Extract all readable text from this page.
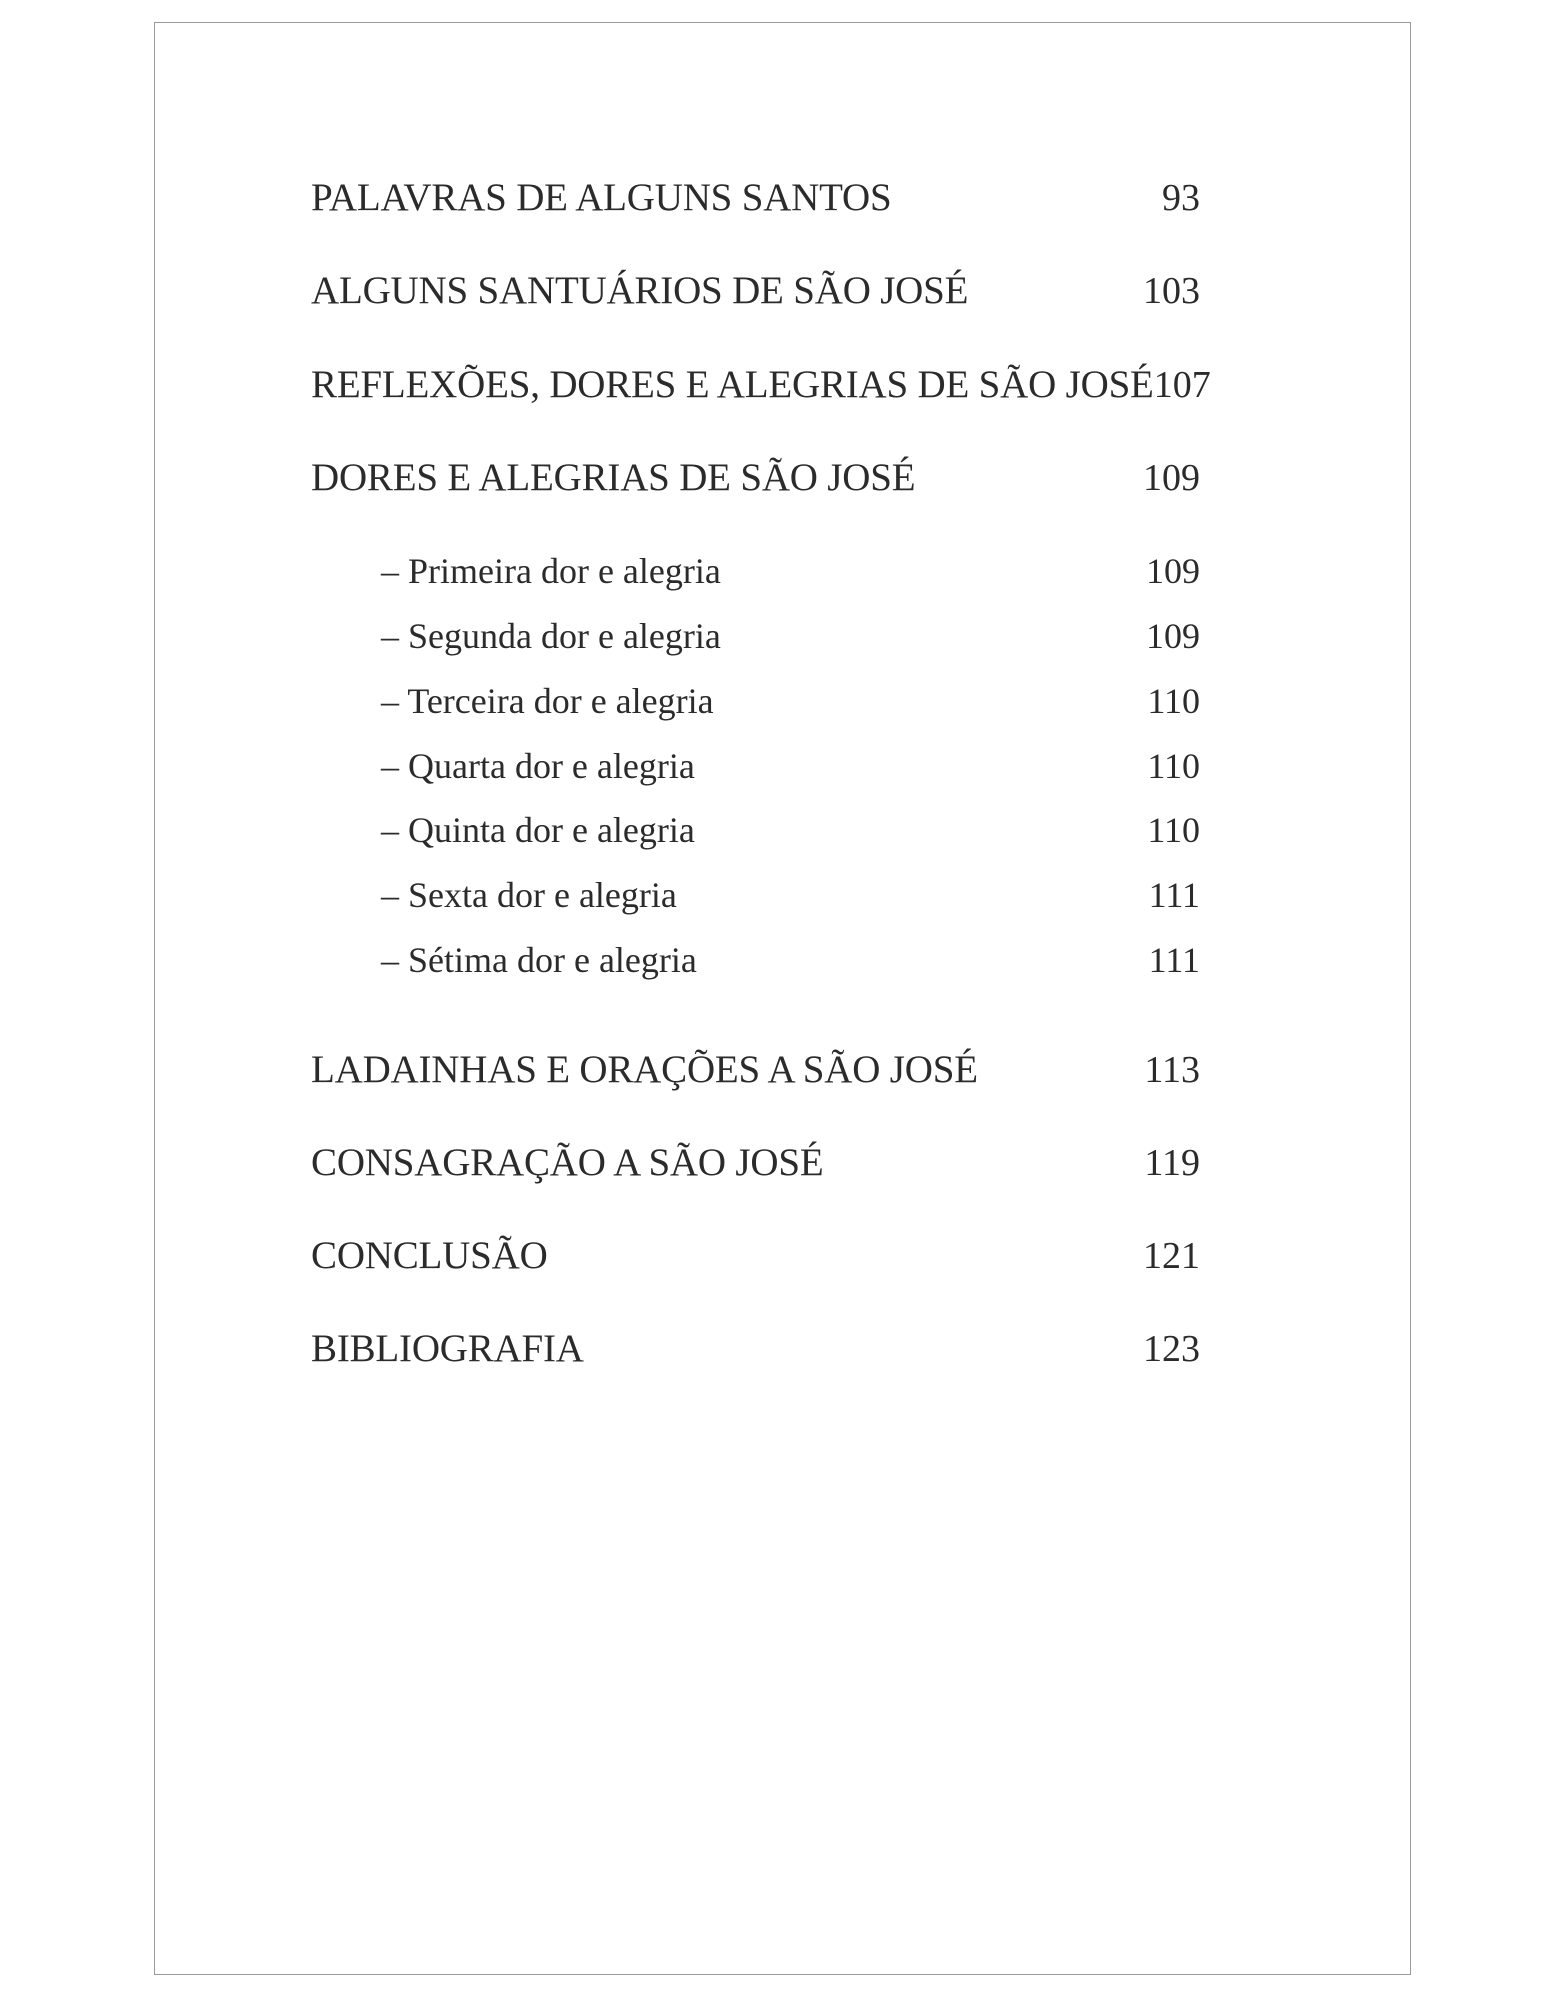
PALAVRAS DE ALGUNS SANTOS	93
ALGUNS SANTUÁRIOS DE SÃO JOSÉ	103
REFLEXÕES, DORES E ALEGRIAS DE SÃO JOSÉ 107
DORES E ALEGRIAS DE SÃO JOSÉ	109
– Primeira dor e alegria	109
– Segunda dor e alegria	109
– Terceira dor e alegria	110
– Quarta dor e alegria	110
– Quinta dor e alegria	110
– Sexta dor e alegria	111
– Sétima dor e alegria	111
LADAINHAS E ORAÇÕES A SÃO JOSÉ	113
CONSAGRAÇÃO A SÃO JOSÉ	119
CONCLUSÃO	121
BIBLIOGRAFIA	123
